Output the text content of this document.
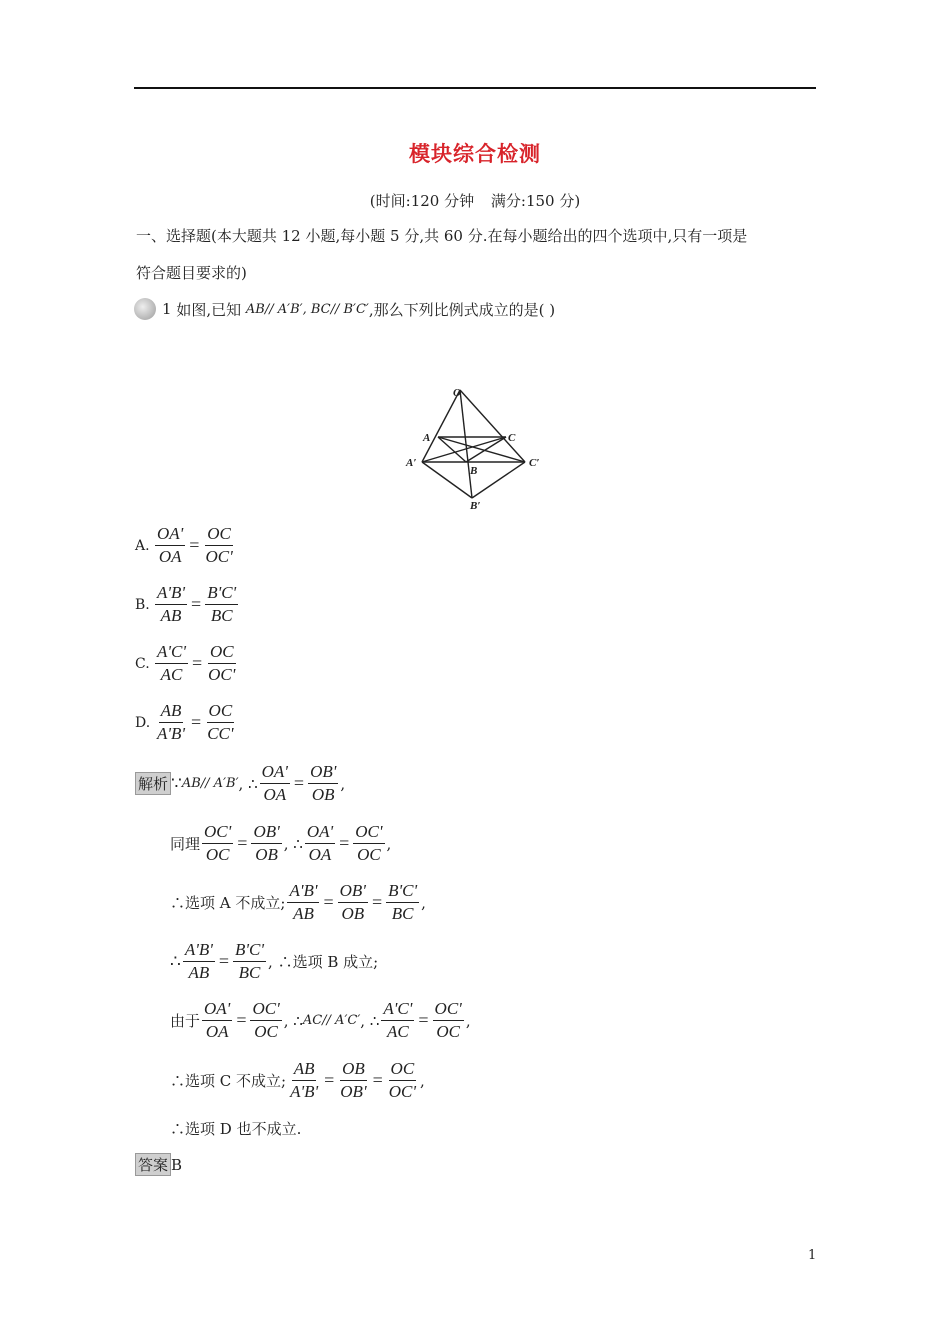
模块综合检测
(时间:120 分钟 满分:150 分)
一、选择题(本大题共 12 小题,每小题 5 分,共 60 分.在每小题给出的四个选项中,只有一项是
符合题目要求的)
1
如图,已知
AB// A′B′, BC// B′C′ ,那么下列比例式成立的是( )
O
A	C
A′
B
C′
B′
A. $\frac{OA'}{OA} = \frac{OC}{OC'}$
B. $\frac{A'B'}{AB} = \frac{B'C'}{BC}$
C. $\frac{A'C'}{AC} = \frac{OC}{OC'}$
D. $\frac{AB}{A'B'} = \frac{OC}{CC'}$
解析 ∵ AB// A′B′ , ∴ $\frac{OA'}{OA} = \frac{OB'}{OB}$ ,
同理 $\frac{OC'}{OC} = \frac{OB'}{OB}$ , ∴ $\frac{OA'}{OA} = \frac{OC'}{OC}$ ,
∴选项 A 不成立; $\frac{A'B'}{AB} = \frac{OB'}{OB} = \frac{B'C'}{BC}$ ,
∴ $\frac{A'B'}{AB} = \frac{B'C'}{BC}$ , ∴选项 B 成立;
由于 $\frac{OA'}{OA} = \frac{OC'}{OC}$ , ∴ AC// A′C′ , ∴ $\frac{A'C'}{AC} = \frac{OC'}{OC}$ ,
∴选项 C 不成立; $\frac{AB}{A'B'} = \frac{OB}{OB'} = \frac{OC}{OC'}$ ,
∴选项 D 也不成立.
答案 B
1
